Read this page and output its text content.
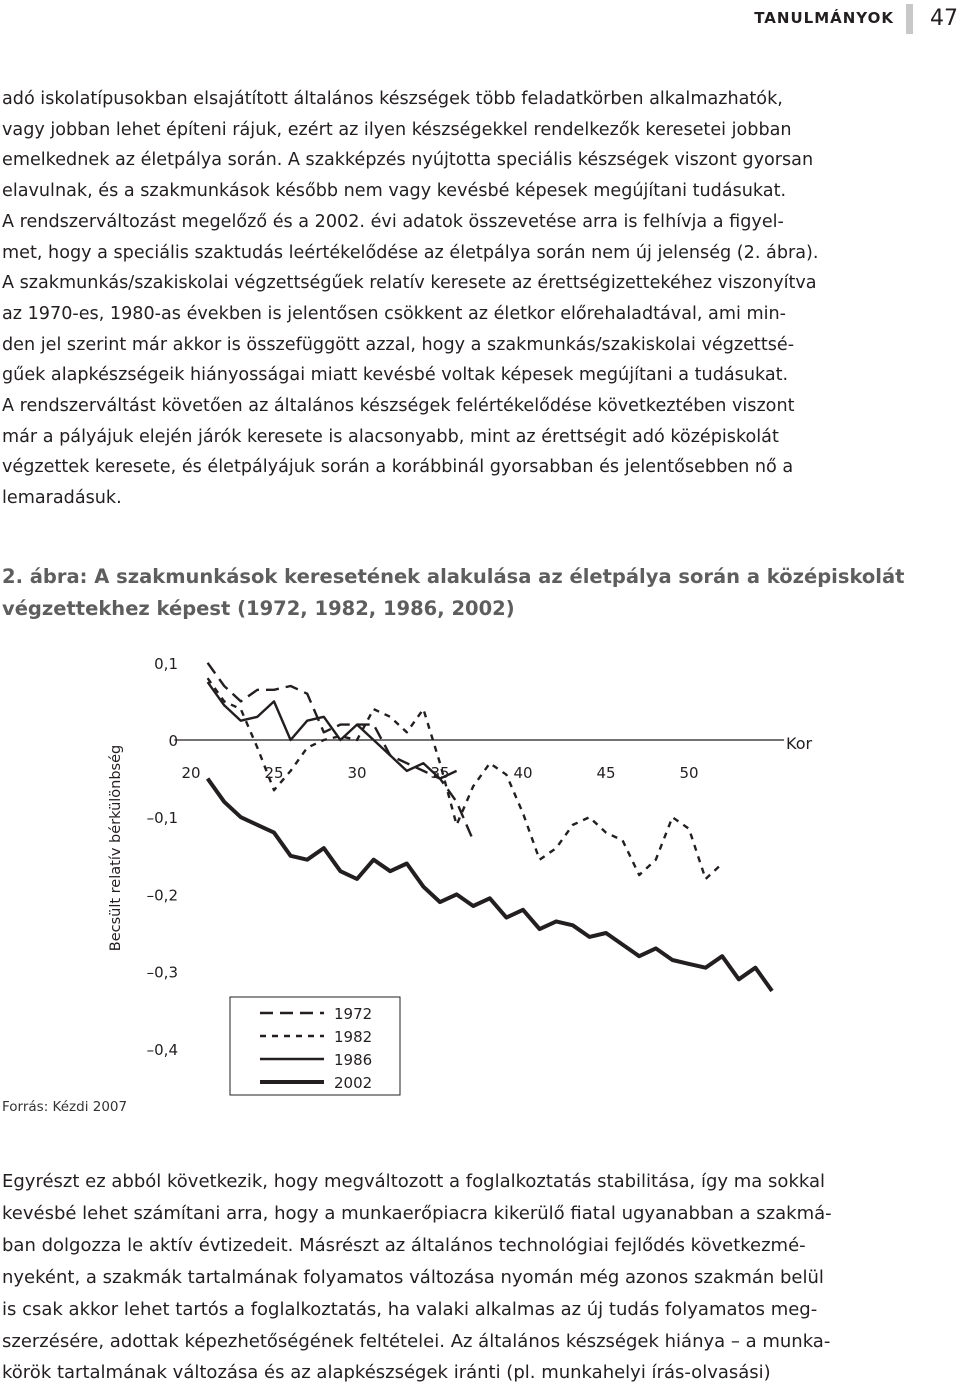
TANULMÁNYOK 47

adó iskolatípusokban elsajátított általános készségek több feladatkörben alkalmazhatók,
vagy jobban lehet építeni rájuk, ezért az ilyen készségekkel rendelkezők keresetei jobban
emelkednek az életpálya során. A szakképzés nyújtotta speciális készségek viszont gyorsan
elavulnak, és a szakmunkások később nem vagy kevésbé képesek megújítani tudásukat.
A rendszerváltozást megelőző és a 2002. évi adatok összevetése arra is felhívja a figyel-
met, hogy a speciális szaktudás leértékelődése az életpálya során nem új jelenség (2. ábra).
A szakmunkás/szakiskolai végzettségűek relatív keresete az érettségizettekéhez viszonyítva
az 1970-es, 1980-as években is jelentősen csökkent az életkor előrehaladtával, ami min-
den jel szerint már akkor is összefüggött azzal, hogy a szakmunkás/szakiskolai végzettsé-
gűek alapkészségeik hiányosságai miatt kevésbé voltak képesek megújítani a tudásukat.
A rendszerváltást követően az általános készségek felértékelődése következtében viszont
már a pályájuk elején járók keresete is alacsonyabb, mint az érettségit adó középiskolát
végzettek keresete, és életpályájuk során a korábbinál gyorsabban és jelentősebben nő a
lemaradásuk.

2. ábra: A szakmunkások keresetének alakulása az életpálya során a középiskolát
végzettekhez képest (1972, 1982, 1986, 2002)
0,1
0
–0,1
–0,2
–0,3
–0,4
20	25	30	35	40	45	50
Kor
Becsült relatív bérkülönbség
1972
1982
1986
2002
Forrás: Kézdi 2007

Egyrészt ez abból következik, hogy megváltozott a foglalkoztatás stabilitása, így ma sokkal
kevésbé lehet számítani arra, hogy a munkaerőpiacra kikerülő fiatal ugyanabban a szakmá-
ban dolgozza le aktív évtizedeit. Másrészt az általános technológiai fejlődés következmé-
nyeként, a szakmák tartalmának folyamatos változása nyomán még azonos szakmán belül
is csak akkor lehet tartós a foglalkoztatás, ha valaki alkalmas az új tudás folyamatos meg-
szerzésére, adottak képezhetőségének feltételei. Az általános készségek hiánya – a munka-
körök tartalmának változása és az alapkészségek iránti (pl. munkahelyi írás-olvasási)
